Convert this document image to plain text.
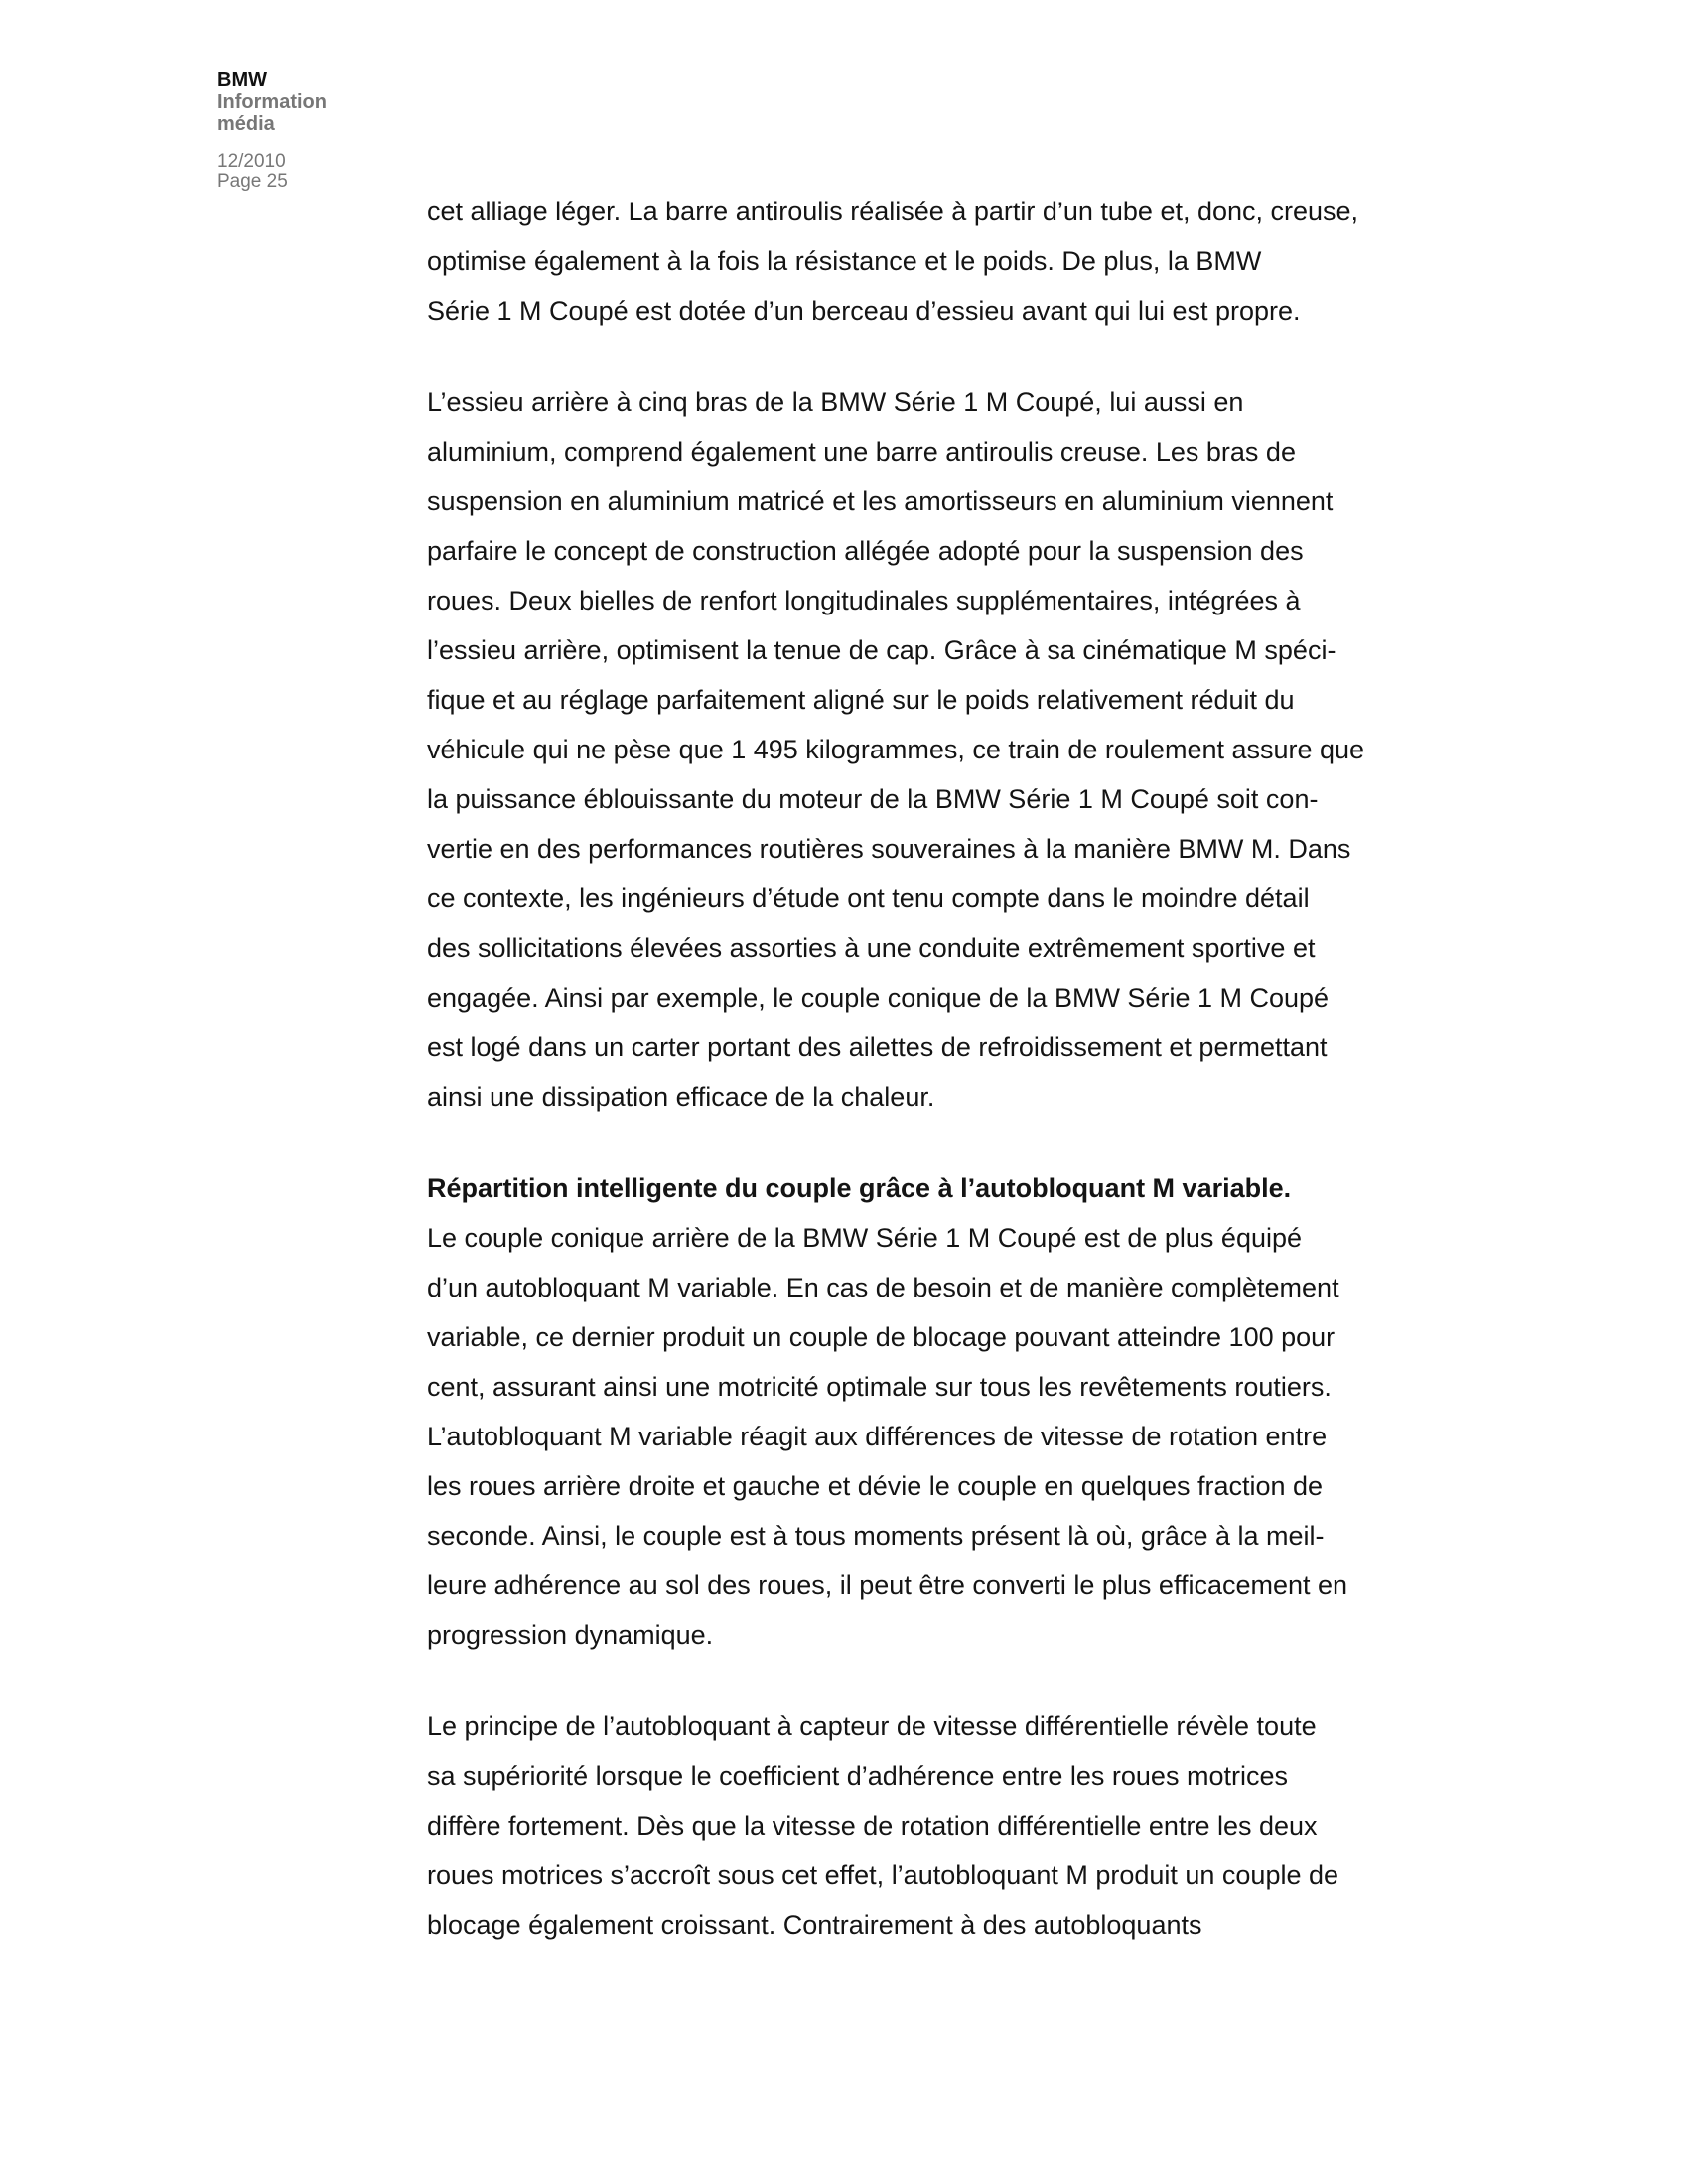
BMW
Information
média
12/2010
Page 25
cet alliage léger. La barre antiroulis réalisée à partir d’un tube et, donc, creuse,
optimise également à la fois la résistance et le poids. De plus, la BMW
Série 1 M Coupé est dotée d’un berceau d’essieu avant qui lui est propre.
L’essieu arrière à cinq bras de la BMW Série 1 M Coupé, lui aussi en
aluminium, comprend également une barre antiroulis creuse. Les bras de
suspension en aluminium matricé et les amortisseurs en aluminium viennent
parfaire le concept de construction allégée adopté pour la suspension des
roues. Deux bielles de renfort longitudinales supplémentaires, intégrées à
l’essieu arrière, optimisent la tenue de cap. Grâce à sa cinématique M spéci-
fique et au réglage parfaitement aligné sur le poids relativement réduit du
véhicule qui ne pèse que 1 495 kilogrammes, ce train de roulement assure que
la puissance éblouissante du moteur de la BMW Série 1 M Coupé soit con-
vertie en des performances routières souveraines à la manière BMW M. Dans
ce contexte, les ingénieurs d’étude ont tenu compte dans le moindre détail
des sollicitations élevées assorties à une conduite extrêmement sportive et
engagée. Ainsi par exemple, le couple conique de la BMW Série 1 M Coupé
est logé dans un carter portant des ailettes de refroidissement et permettant
ainsi une dissipation efficace de la chaleur.
Répartition intelligente du couple grâce à l’autobloquant M variable.
Le couple conique arrière de la BMW Série 1 M Coupé est de plus équipé
d’un autobloquant M variable. En cas de besoin et de manière complètement
variable, ce dernier produit un couple de blocage pouvant atteindre 100 pour
cent, assurant ainsi une motricité optimale sur tous les revêtements routiers.
L’autobloquant M variable réagit aux différences de vitesse de rotation entre
les roues arrière droite et gauche et dévie le couple en quelques fraction de
seconde. Ainsi, le couple est à tous moments présent là où, grâce à la meil-
leure adhérence au sol des roues, il peut être converti le plus efficacement en
progression dynamique.
Le principe de l’autobloquant à capteur de vitesse différentielle révèle toute
sa supériorité lorsque le coefficient d’adhérence entre les roues motrices
diffère fortement. Dès que la vitesse de rotation différentielle entre les deux
roues motrices s’accroît sous cet effet, l’autobloquant M produit un couple de
blocage également croissant. Contrairement à des autobloquants
